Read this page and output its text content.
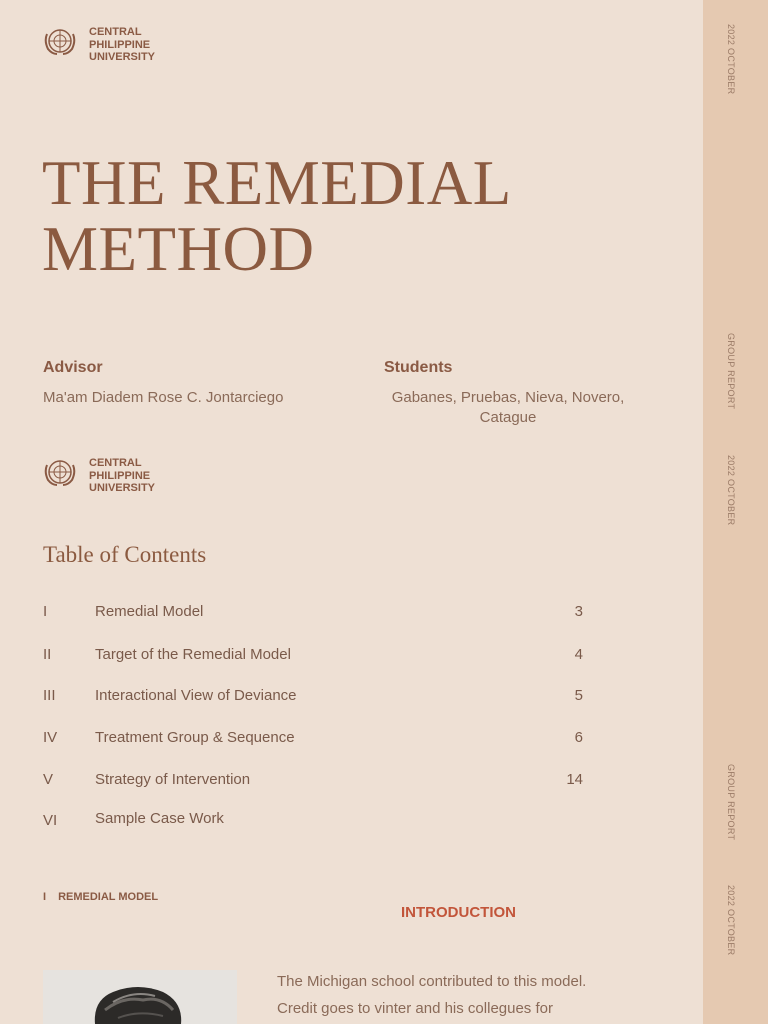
2022 OCTOBER
GROUP REPORT
2022 OCTOBER
GROUP REPORT
2022 OCTOBER
CENTRAL
PHILIPPINE
UNIVERSITY
THE REMEDIAL
METHOD
Advisor
Ma'am Diadem Rose C. Jontarciego
Students
Gabanes, Pruebas, Nieva, Novero,
Catague
CENTRAL
PHILIPPINE
UNIVERSITY
Table of Contents
I	Remedial Model	3
II	Target of the Remedial Model	4
III	Interactional View of Deviance	5
IV	Treatment Group & Sequence	6
V	Strategy of Intervention	14
VI	Sample Case Work
I REMEDIAL MODEL
INTRODUCTION
The Michigan school contributed to this model.
Credit goes to vinter and his collegues for
